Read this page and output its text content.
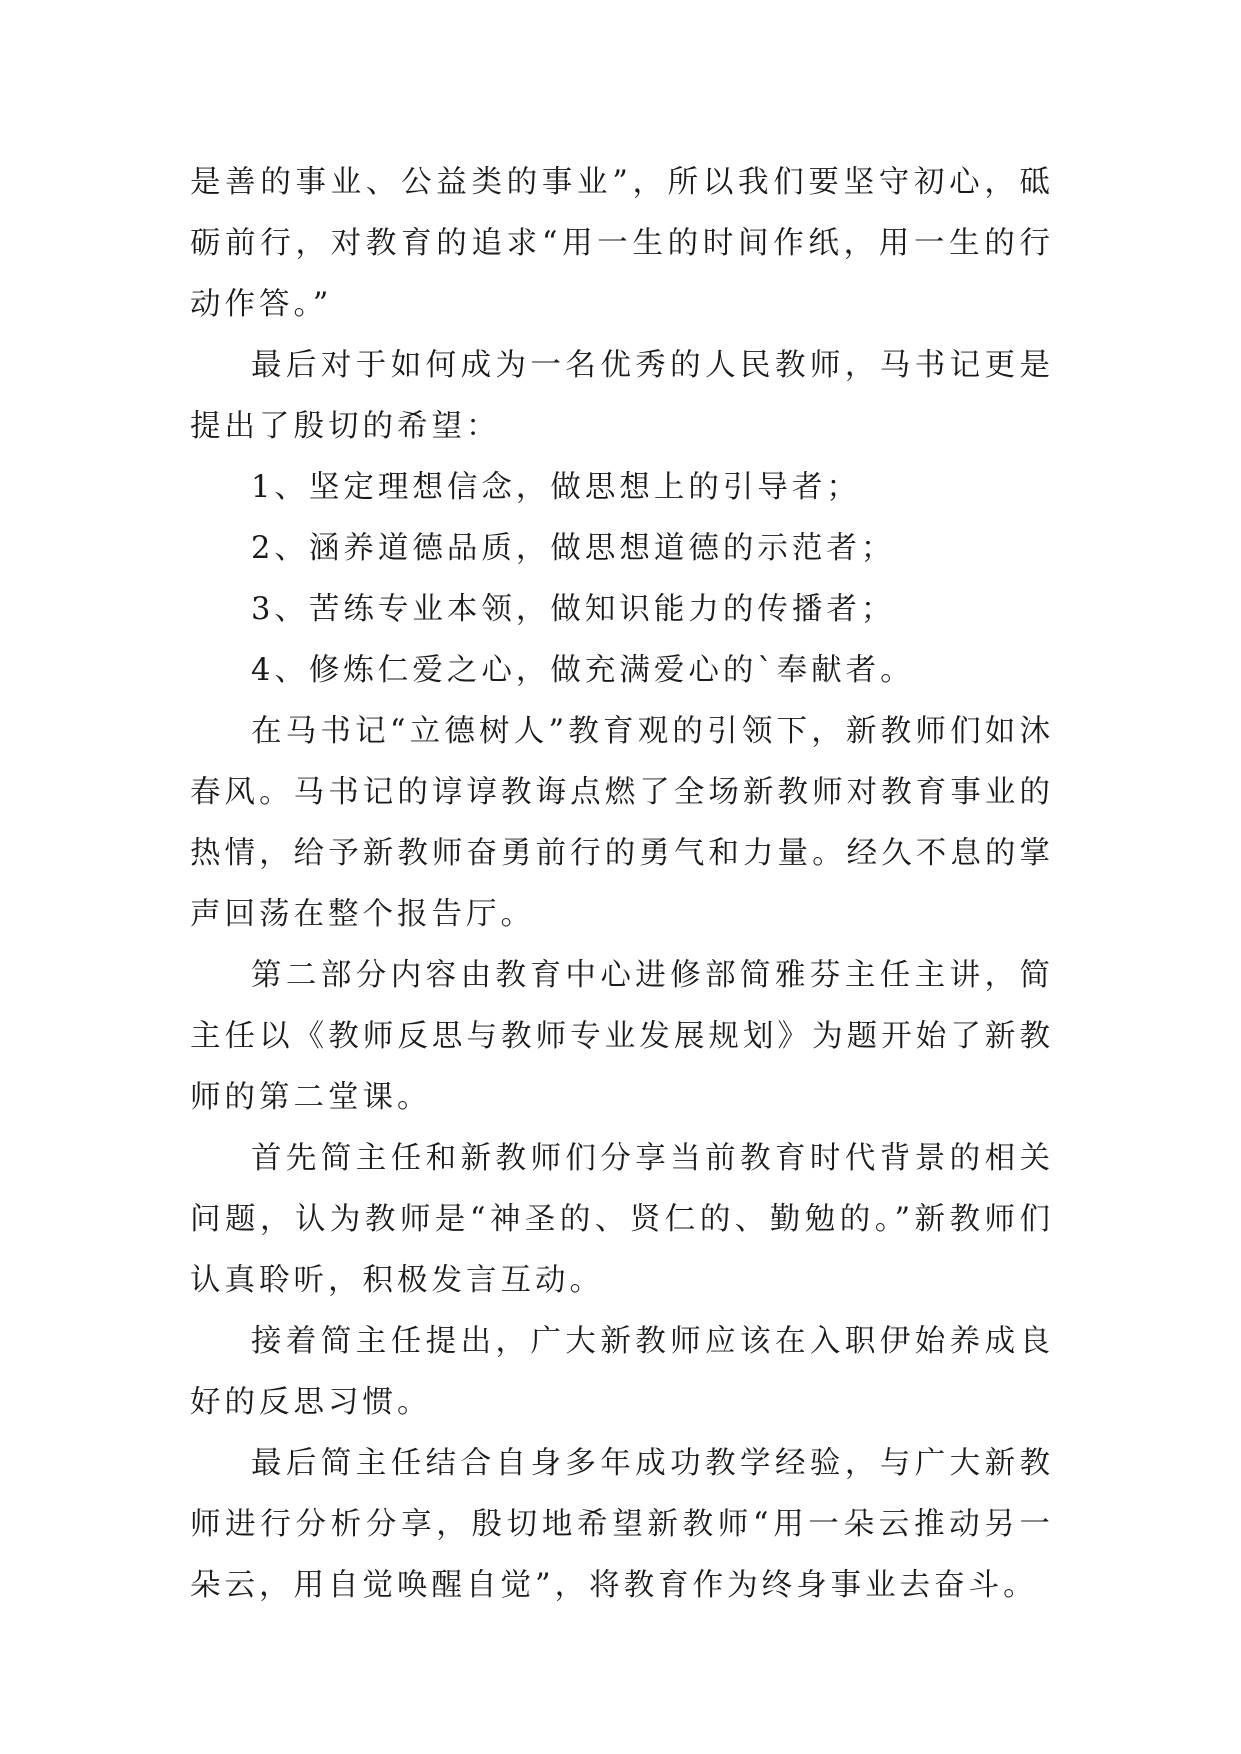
是善的事业、公益类的事业”，所以我们要坚守初心，砥砺前行，对教育的追求“用一生的时间作纸，用一生的行动作答。”

最后对于如何成为一名优秀的人民教师，马书记更是提出了殷切的希望：

1、坚定理想信念，做思想上的引导者；

2、涵养道德品质，做思想道德的示范者；

3、苦练专业本领，做知识能力的传播者；

4、修炼仁爱之心，做充满爱心的`奉献者。

在马书记“立德树人”教育观的引领下，新教师们如沐春风。马书记的谆谆教诲点燃了全场新教师对教育事业的热情，给予新教师奋勇前行的勇气和力量。经久不息的掌声回荡在整个报告厅。

第二部分内容由教育中心进修部简雅芬主任主讲，简主任以《教师反思与教师专业发展规划》为题开始了新教师的第二堂课。

首先简主任和新教师们分享当前教育时代背景的相关问题，认为教师是“神圣的、贤仁的、勤勉的。”新教师们认真聆听，积极发言互动。

接着简主任提出，广大新教师应该在入职伊始养成良好的反思习惯。

最后简主任结合自身多年成功教学经验，与广大新教师进行分析分享，殷切地希望新教师“用一朵云推动另一朵云，用自觉唤醒自觉”，将教育作为终身事业去奋斗。
